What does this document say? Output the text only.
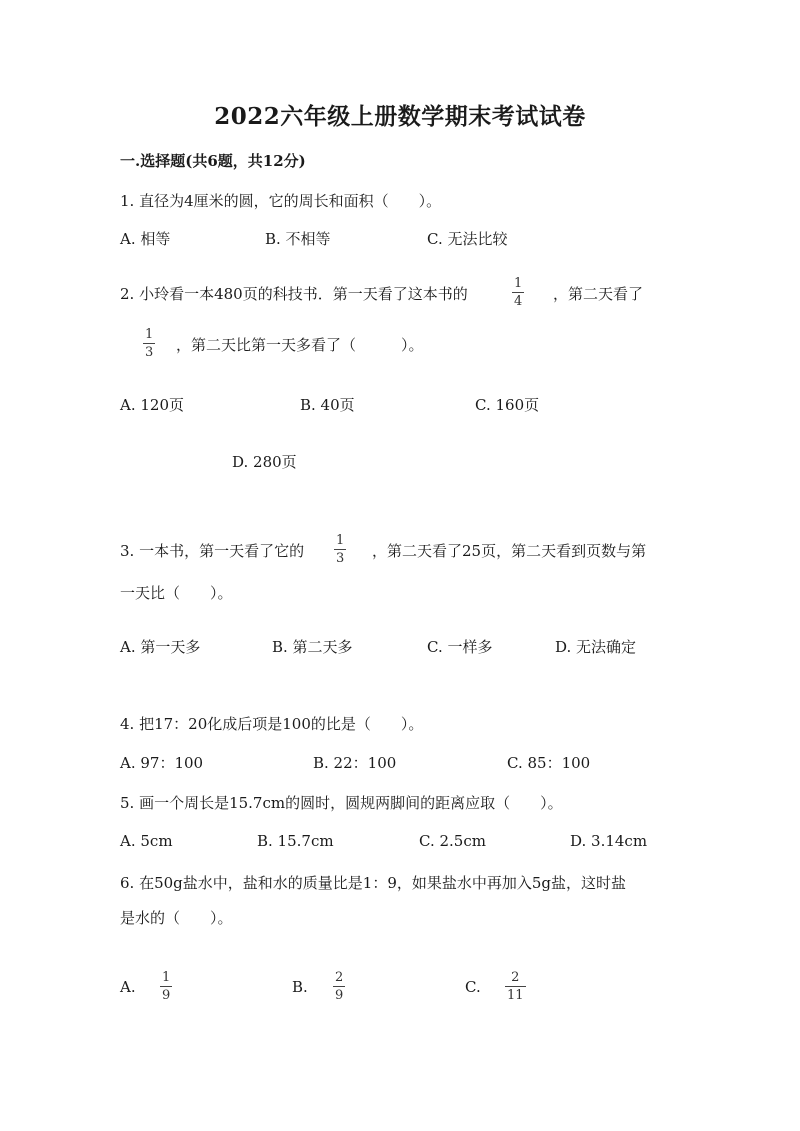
2022六年级上册数学期末考试试卷
一.选择题(共6题，共12分)
1. 直径为4厘米的圆，它的周长和面积（　　）。
A. 相等	B. 不相等	C. 无法比较
2. 小玲看一本480页的科技书．第一天看了这本书的
1
4 ，第二天看了
1
3 ，第二天比第一天多看了（　　　）。
A. 120页	B. 40页	C. 160页
D. 280页
3. 一本书，第一天看了它的
1
3 ，第二天看了25页，第二天看到页数与第
一天比（　　）。
A. 第一天多	B. 第二天多	C. 一样多	D. 无法确定
4. 把17：20化成后项是100的比是（　　）。
A. 97：100	B. 22：100	C. 85：100
5. 画一个周长是15.7cm的圆时，圆规两脚间的距离应取（　　）。
A. 5cm	B. 15.7cm	C. 2.5cm	D. 3.14cm
6. 在50g盐水中，盐和水的质量比是1：9，如果盐水中再加入5g盐，这时盐
是水的（　　）。
A.
1
9	B.
2
9	C.
2
11
